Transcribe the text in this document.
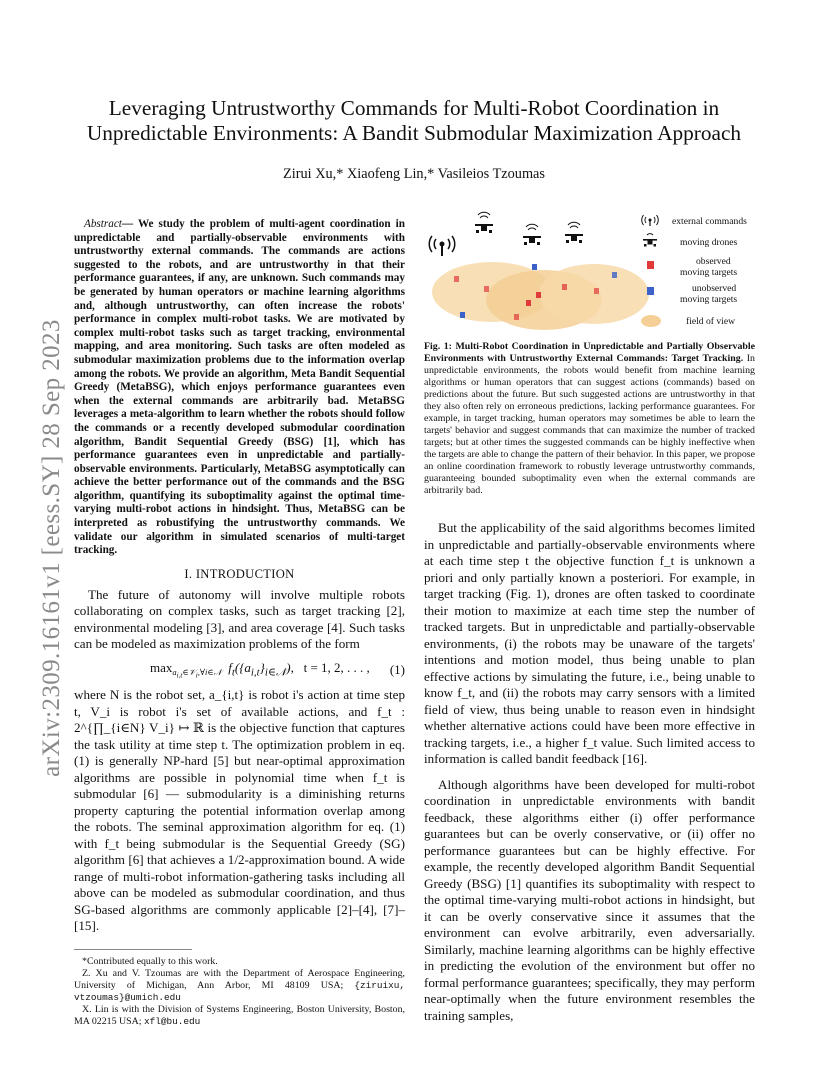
arXiv:2309.16161v1 [eess.SY] 28 Sep 2023
Leveraging Untrustworthy Commands for Multi-Robot Coordination in
Unpredictable Environments: A Bandit Submodular Maximization Approach
Zirui Xu,* Xiaofeng Lin,* Vasileios Tzoumas

Abstract— We study the problem of multi-agent coordination in unpredictable and partially-observable environments with untrustworthy external commands. The commands are actions suggested to the robots, and are untrustworthy in that their performance guarantees, if any, are unknown. Such commands may be generated by human operators or machine learning algorithms and, although untrustworthy, can often increase the robots' performance in complex multi-robot tasks. We are motivated by complex multi-robot tasks such as target tracking, environmental mapping, and area monitoring. Such tasks are often modeled as submodular maximization problems due to the information overlap among the robots. We provide an algorithm, Meta Bandit Sequential Greedy (MetaBSG), which enjoys performance guarantees even when the external commands are arbitrarily bad. MetaBSG leverages a meta-algorithm to learn whether the robots should follow the commands or a recently developed submodular coordination algorithm, Bandit Sequential Greedy (BSG) [1], which has performance guarantees even in unpredictable and partially-observable environments. Particularly, MetaBSG asymptotically can achieve the better performance out of the commands and the BSG algorithm, quantifying its suboptimality against the optimal time-varying multi-robot actions in hindsight. Thus, MetaBSG can be interpreted as robustifying the untrustworthy commands. We validate our algorithm in simulated scenarios of multi-target tracking.

I. INTRODUCTION

The future of autonomy will involve multiple robots collaborating on complex tasks, such as target tracking [2], environmental modeling [3], and area coverage [4]. Such tasks can be modeled as maximization problems of the form

$\max_{a_{i,t}\in 𝒱_i,\forall i\in 𝒩} f_t(\{a_{i,t}\}_{i\in 𝒩})$,   t = 1, 2, . . . , (1)

where N is the robot set, a_{i,t} is robot i's action at time step t, V_i is robot i's set of available actions, and f_t : 2^{∏_{i∈N} V_i} ↦ ℝ is the objective function that captures the task utility at time step t. The optimization problem in eq. (1) is generally NP-hard [5] but near-optimal approximation algorithms are possible in polynomial time when f_t is submodular [6] — submodularity is a diminishing returns property capturing the potential information overlap among the robots. The seminal approximation algorithm for eq. (1) with f_t being submodular is the Sequential Greedy (SG) algorithm [6] that achieves a 1/2-approximation bound. A wide range of multi-robot information-gathering tasks including all above can be modeled as submodular coordination, and thus SG-based algorithms are commonly applicable [2]–[4], [7]–[15].

*Contributed equally to this work.

Z. Xu and V. Tzoumas are with the Department of Aerospace Engineering, University of Michigan, Ann Arbor, MI 48109 USA; {ziruixu, vtzoumas}@umich.edu

X. Lin is with the Division of Systems Engineering, Boston University, Boston, MA 02215 USA; xfl@bu.edu

external commands
moving drones
observed
moving targets
unobserved
moving targets
field of view

Fig. 1: Multi-Robot Coordination in Unpredictable and Partially Observable Environments with Untrustworthy External Commands: Target Tracking. In unpredictable environments, the robots would benefit from machine learning algorithms or human operators that can suggest actions (commands) based on predictions about the future. But such suggested actions are untrustworthy in that they also often rely on erroneous predictions, lacking performance guarantees. For example, in target tracking, human operators may sometimes be able to learn the targets' behavior and suggest commands that can maximize the number of tracked targets; but at other times the suggested commands can be highly ineffective when the targets are able to change the pattern of their behavior. In this paper, we propose an online coordination framework to robustly leverage untrustworthy commands, guaranteeing bounded suboptimality even when the external commands are arbitrarily bad.

But the applicability of the said algorithms becomes limited in unpredictable and partially-observable environments where at each time step t the objective function f_t is unknown a priori and only partially known a posteriori. For example, in target tracking (Fig. 1), drones are often tasked to coordinate their motion to maximize at each time step the number of tracked targets. But in unpredictable and partially-observable environments, (i) the robots may be unaware of the targets' intentions and motion model, thus being unable to plan effective actions by simulating the future, i.e., being unable to know f_t, and (ii) the robots may carry sensors with a limited field of view, thus being unable to reason even in hindsight whether alternative actions could have been more effective in tracking targets, i.e., a higher f_t value. Such limited access to information is called bandit feedback [16].

Although algorithms have been developed for multi-robot coordination in unpredictable environments with bandit feedback, these algorithms either (i) offer performance guarantees but can be overly conservative, or (ii) offer no performance guarantees but can be highly effective. For example, the recently developed algorithm Bandit Sequential Greedy (BSG) [1] quantifies its suboptimality with respect to the optimal time-varying multi-robot actions in hindsight, but it can be overly conservative since it assumes that the environment can evolve arbitrarily, even adversarially. Similarly, machine learning algorithms can be highly effective in predicting the evolution of the environment but offer no formal performance guarantees; specifically, they may perform near-optimally when the future environment resembles the training samples,
